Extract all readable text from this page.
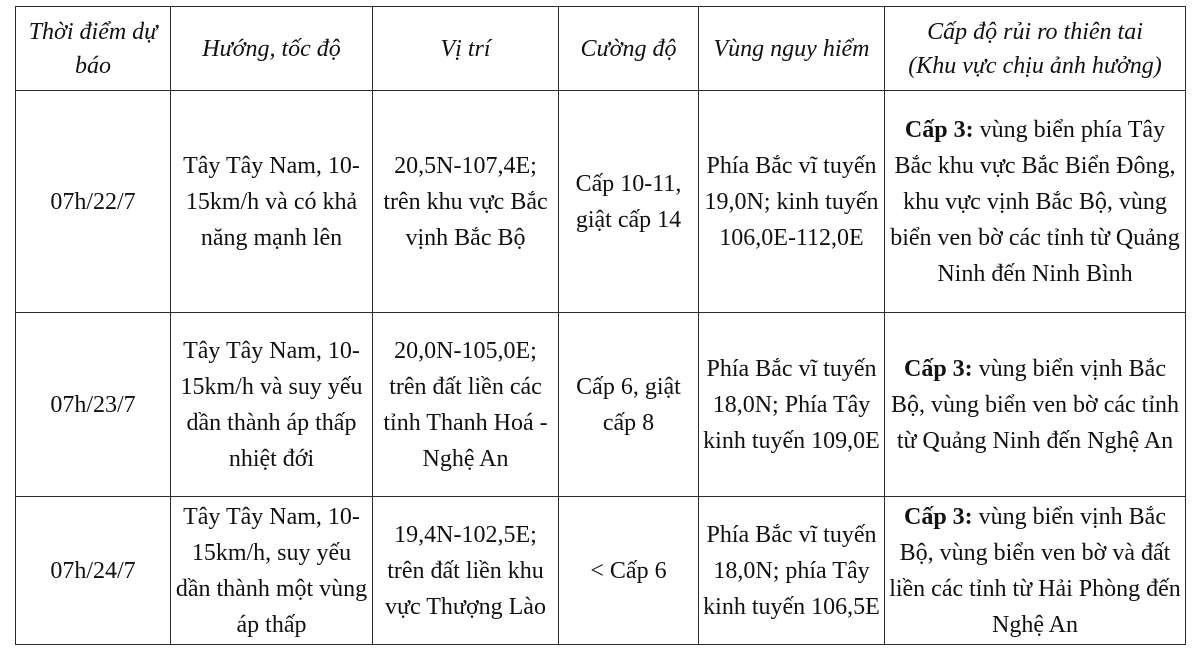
Thời điểm dự báo	Hướng, tốc độ	Vị trí	Cường độ	Vùng nguy hiểm	Cấp độ rủi ro thiên tai
(Khu vực chịu ảnh hưởng)
07h/22/7	Tây Tây Nam, 10-15km/h và có khả năng mạnh lên	20,5N-107,4E; trên khu vực Bắc vịnh Bắc Bộ	Cấp 10-11, giật cấp 14	Phía Bắc vĩ tuyến 19,0N; kinh tuyến 106,0E-112,0E	Cấp 3: vùng biển phía Tây Bắc khu vực Bắc Biển Đông, khu vực vịnh Bắc Bộ, vùng biển ven bờ các tỉnh từ Quảng Ninh đến Ninh Bình
07h/23/7	Tây Tây Nam, 10-15km/h và suy yếu dần thành áp thấp nhiệt đới	20,0N-105,0E; trên đất liền các tỉnh Thanh Hoá - Nghệ An	Cấp 6, giật cấp 8	Phía Bắc vĩ tuyến 18,0N; Phía Tây kinh tuyến 109,0E	Cấp 3: vùng biển vịnh Bắc Bộ, vùng biển ven bờ các tỉnh từ Quảng Ninh đến Nghệ An
07h/24/7	Tây Tây Nam, 10-15km/h, suy yếu dần thành một vùng áp thấp	19,4N-102,5E; trên đất liền khu vực Thượng Lào	< Cấp 6	Phía Bắc vĩ tuyến 18,0N; phía Tây kinh tuyến 106,5E	Cấp 3: vùng biển vịnh Bắc Bộ, vùng biển ven bờ và đất liền các tỉnh từ Hải Phòng đến Nghệ An
